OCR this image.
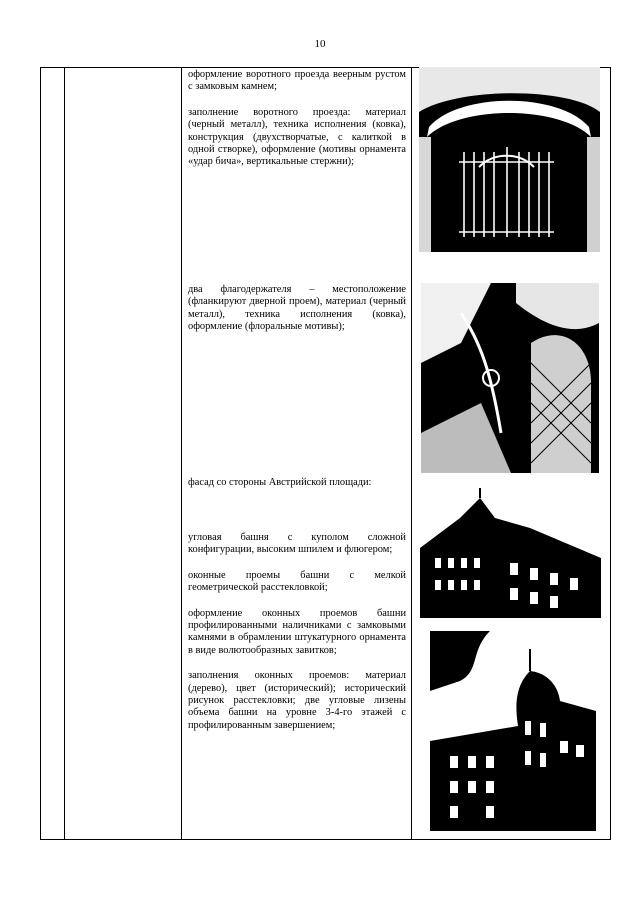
10

оформление воротного проезда веерным рустом с замковым камнем;

заполнение воротного проезда: материал (черный металл), техника исполнения (ковка), конструкция (двухстворчатые, с калиткой в одной створке), оформление (мотивы орнамента «удар бича», вертикальные стержни);

два флагодержателя – местоположение (фланкируют дверной проем), материал (черный металл), техника исполнения (ковка), оформление (флоральные мотивы);

фасад со стороны Австрийской площади:

угловая башня с куполом сложной конфигурации, высоким шпилем и флюгером;

оконные проемы башни с мелкой геометрической расстекловкой;

оформление оконных проемов башни профилированными наличниками с замковыми камнями в обрамлении штукатурного орнамента в виде волютообразных завитков;

заполнения оконных проемов: материал (дерево), цвет (исторический); исторический рисунок расстекловки; две угловые лизены объема башни на уровне 3-4-го этажей с профилированным завершением;
